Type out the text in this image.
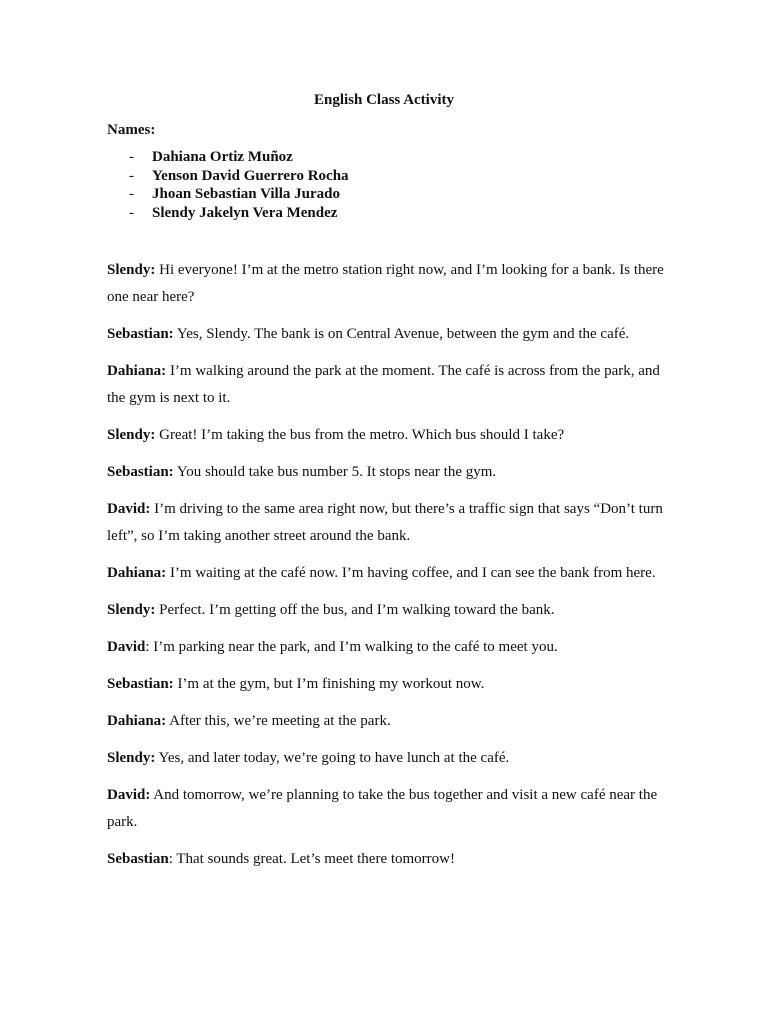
English Class Activity
Names:
- Dahiana Ortiz Muñoz
- Yenson David Guerrero Rocha
- Jhoan Sebastian Villa Jurado
- Slendy Jakelyn Vera Mendez

Slendy: Hi everyone! I’m at the metro station right now, and I’m looking for a bank. Is there one near here?

Sebastian: Yes, Slendy. The bank is on Central Avenue, between the gym and the café.

Dahiana: I’m walking around the park at the moment. The café is across from the park, and the gym is next to it.

Slendy: Great! I’m taking the bus from the metro. Which bus should I take?

Sebastian: You should take bus number 5. It stops near the gym.

David: I’m driving to the same area right now, but there’s a traffic sign that says “Don’t turn left”, so I’m taking another street around the bank.

Dahiana: I’m waiting at the café now. I’m having coffee, and I can see the bank from here.

Slendy: Perfect. I’m getting off the bus, and I’m walking toward the bank.

David: I’m parking near the park, and I’m walking to the café to meet you.

Sebastian: I’m at the gym, but I’m finishing my workout now.

Dahiana: After this, we’re meeting at the park.

Slendy: Yes, and later today, we’re going to have lunch at the café.

David: And tomorrow, we’re planning to take the bus together and visit a new café near the park.

Sebastian: That sounds great. Let’s meet there tomorrow!
